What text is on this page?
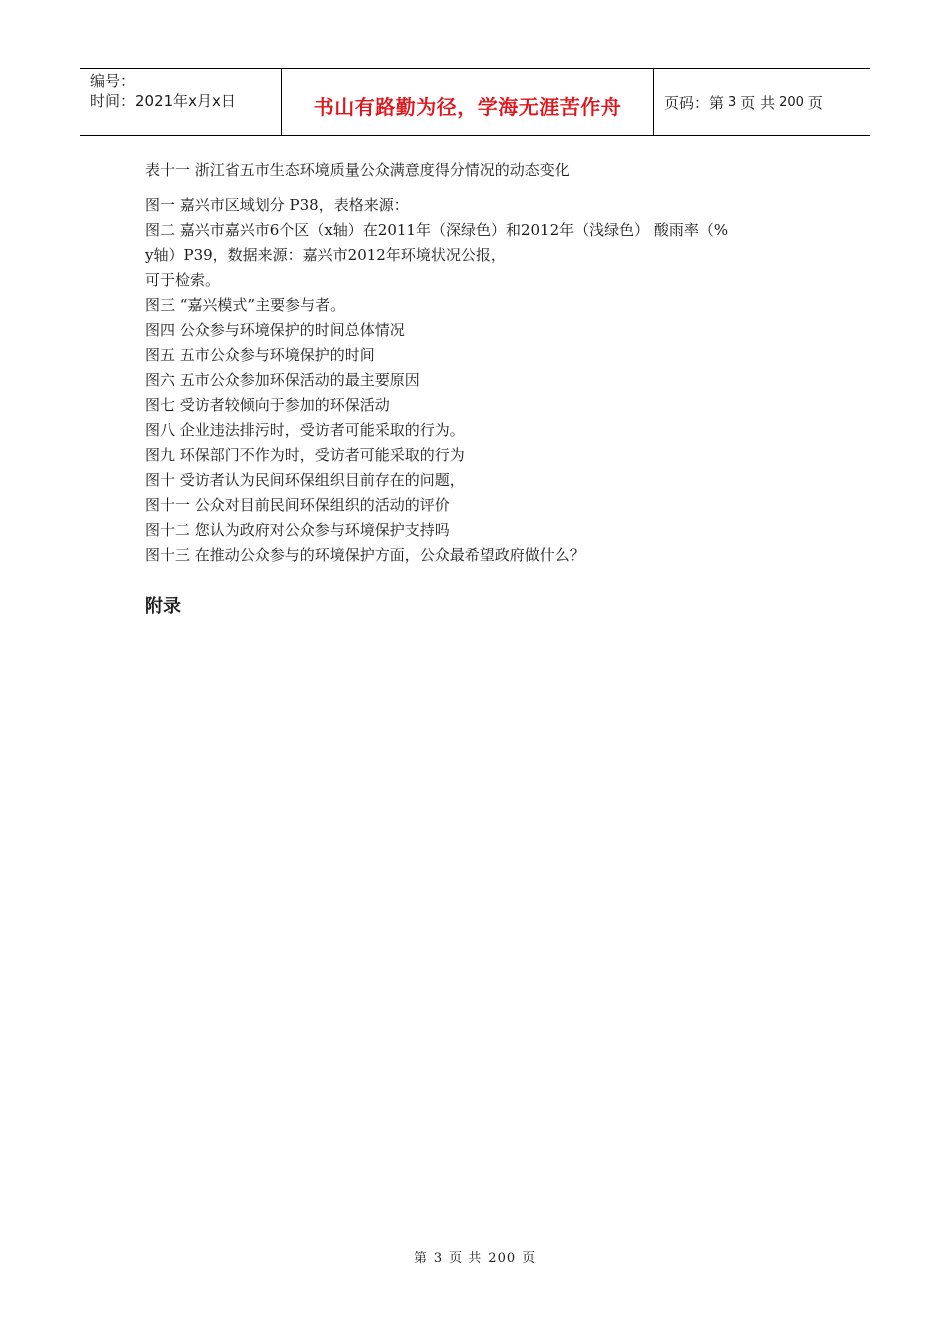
编号：
时间：2021年x月x日	书山有路勤为径，学海无涯苦作舟	页码：第 3 页 共 200 页
表十一 浙江省五市生态环境质量公众满意度得分情况的动态变化
图一 嘉兴市区域划分 P38，表格来源：
图二 嘉兴市嘉兴市6个区（x轴）在2011年（深绿色）和2012年（浅绿色） 酸雨率（%
y轴）P39，数据来源：嘉兴市2012年环境状况公报，
可于检索。
图三 “嘉兴模式”主要参与者。
图四 公众参与环境保护的时间总体情况
图五 五市公众参与环境保护的时间
图六 五市公众参加环保活动的最主要原因
图七 受访者较倾向于参加的环保活动
图八 企业违法排污时，受访者可能采取的行为。
图九 环保部门不作为时，受访者可能采取的行为
图十 受访者认为民间环保组织目前存在的问题，
图十一 公众对目前民间环保组织的活动的评价
图十二 您认为政府对公众参与环境保护支持吗
图十三 在推动公众参与的环境保护方面，公众最希望政府做什么？
附录
第 3 页 共 200 页
